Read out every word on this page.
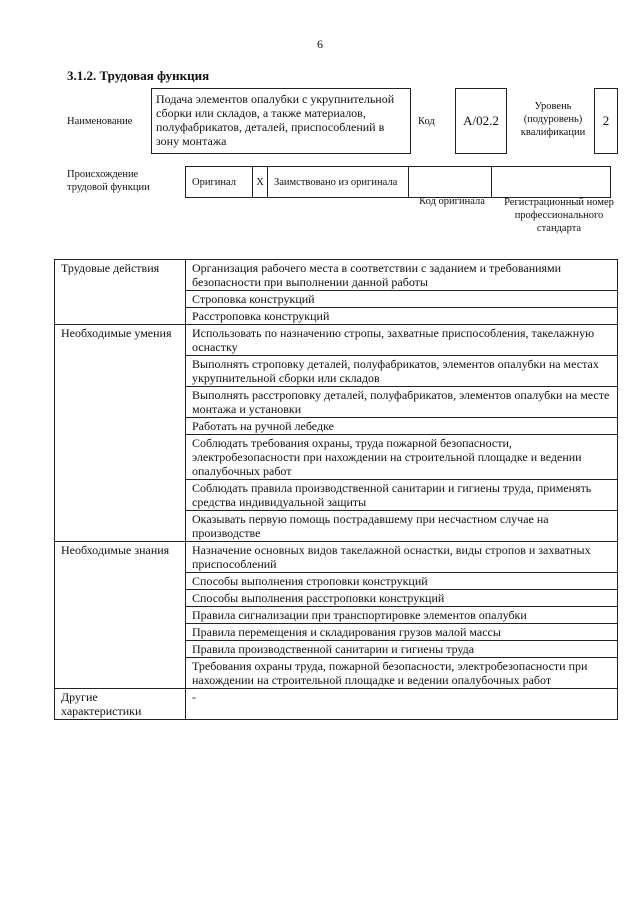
6
3.1.2. Трудовая функция
Наименование
Подача элементов опалубки с укрупнительной сборки или складов, а также материалов, полуфабрикатов, деталей, приспособлений в зону монтажа
Код	А/02.2
Уровень (подуровень) квалификации
2
Происхождение трудовой функции	Оригинал	X	Заимствовано из оригинала		
Код оригинала	Регистрационный номер профессионального стандарта
Трудовые действия	Организация рабочего места в соответствии с заданием и требованиями безопасности при выполнении данной работы
	Строповка конструкций
	Расстроповка конструкций
Необходимые умения	Использовать по назначению стропы, захватные приспособления, такелажную оснастку
	Выполнять строповку деталей, полуфабрикатов, элементов опалубки на местах укрупнительной сборки или складов
	Выполнять расстроповку деталей, полуфабрикатов, элементов опалубки на месте монтажа и установки
	Работать на ручной лебедке
	Соблюдать требования охраны, труда пожарной безопасности, электробезопасности при нахождении на строительной площадке и ведении опалубочных работ
	Соблюдать правила производственной санитарии и гигиены труда, применять средства индивидуальной защиты
	Оказывать первую помощь пострадавшему при несчастном случае на производстве
Необходимые знания	Назначение основных видов такелажной оснастки, виды стропов и захватных приспособлений
	Способы выполнения строповки конструкций
	Способы выполнения расстроповки конструкций
	Правила сигнализации при транспортировке элементов опалубки
	Правила перемещения и складирования грузов малой массы
	Правила производственной санитарии и гигиены труда
	Требования охраны труда, пожарной безопасности, электробезопасности при нахождении на строительной площадке и ведении опалубочных работ
Другие характеристики	-
